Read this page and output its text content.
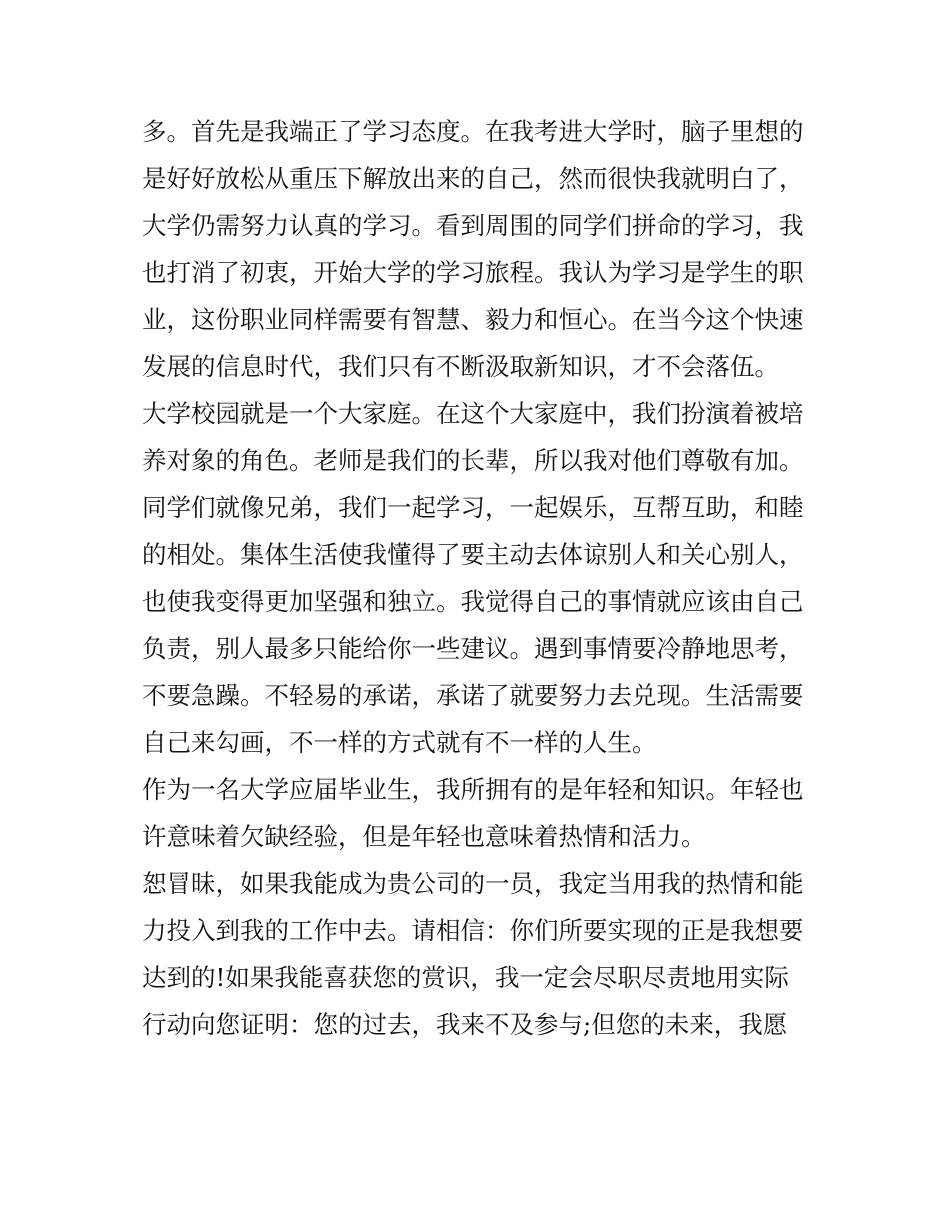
多。首先是我端正了学习态度。在我考进大学时，脑子里想的

是好好放松从重压下解放出来的自己，然而很快我就明白了，

大学仍需努力认真的学习。看到周围的同学们拼命的学习，我

也打消了初衷，开始大学的学习旅程。我认为学习是学生的职

业，这份职业同样需要有智慧、毅力和恒心。在当今这个快速

发展的信息时代，我们只有不断汲取新知识，才不会落伍。

大学校园就是一个大家庭。在这个大家庭中，我们扮演着被培

养对象的角色。老师是我们的长辈，所以我对他们尊敬有加。

同学们就像兄弟，我们一起学习，一起娱乐，互帮互助，和睦

的相处。集体生活使我懂得了要主动去体谅别人和关心别人，

也使我变得更加坚强和独立。我觉得自己的事情就应该由自己

负责，别人最多只能给你一些建议。遇到事情要冷静地思考，

不要急躁。不轻易的承诺，承诺了就要努力去兑现。生活需要

自己来勾画，不一样的方式就有不一样的人生。

作为一名大学应届毕业生，我所拥有的是年轻和知识。年轻也

许意味着欠缺经验，但是年轻也意味着热情和活力。

恕冒昧，如果我能成为贵公司的一员，我定当用我的热情和能

力投入到我的工作中去。请相信：你们所要实现的正是我想要

达到的!如果我能喜获您的赏识，我一定会尽职尽责地用实际

行动向您证明：您的过去，我来不及参与;但您的未来，我愿
